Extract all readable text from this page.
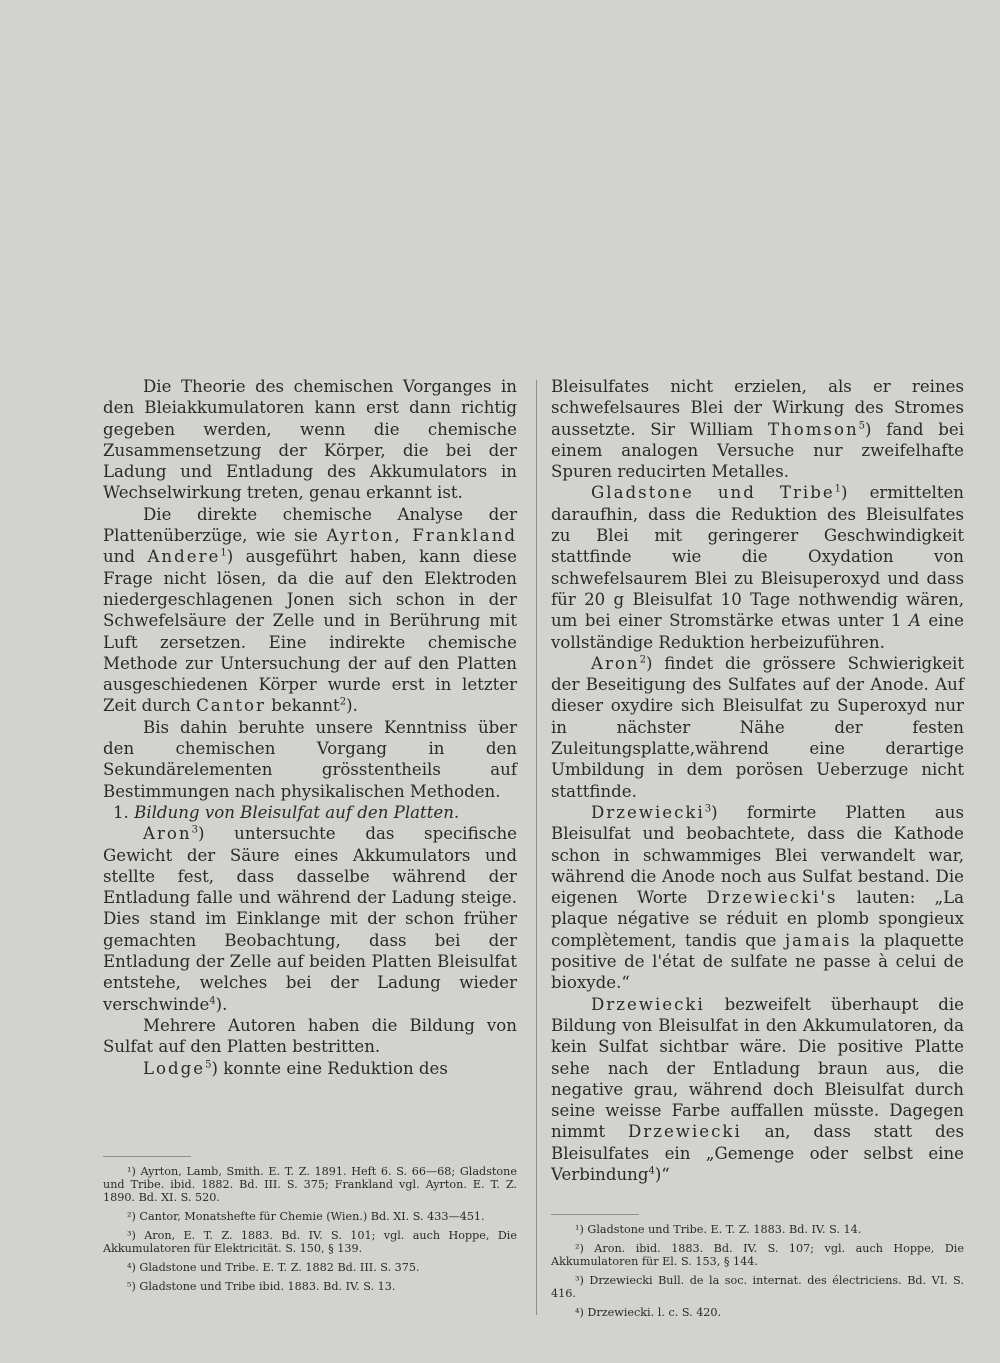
Die Theorie des chemischen Vorganges in den Bleiakkumulatoren kann erst dann richtig gegeben werden, wenn die chemische Zusammensetzung der Körper, die bei der Ladung und Entladung des Akkumulators in Wechselwirkung treten, genau erkannt ist.

Die direkte chemische Analyse der Plattenüberzüge, wie sie Ayrton, Frankland und Andere$^1$) ausgeführt haben, kann diese Frage nicht lösen, da die auf den Elektroden niedergeschlagenen Jonen sich schon in der Schwefelsäure der Zelle und in Berührung mit Luft zersetzen. Eine indirekte chemische Methode zur Untersuchung der auf den Platten ausgeschiedenen Körper wurde erst in letzter Zeit durch Cantor bekannt$^2$).

Bis dahin beruhte unsere Kenntniss über den chemischen Vorgang in den Sekundärelementen grösstentheils auf Bestimmungen nach physikalischen Methoden.

1. Bildung von Bleisulfat auf den Platten.

Aron$^3$) untersuchte das specifische Gewicht der Säure eines Akkumulators und stellte fest, dass dasselbe während der Entladung falle und während der Ladung steige. Dies stand im Einklange mit der schon früher gemachten Beobachtung, dass bei der Entladung der Zelle auf beiden Platten Bleisulfat entstehe, welches bei der Ladung wieder verschwinde$^4$).

Mehrere Autoren haben die Bildung von Sulfat auf den Platten bestritten.

Lodge$^5$) konnte eine Reduktion des

Bleisulfates nicht erzielen, als er reines schwefelsaures Blei der Wirkung des Stromes aussetzte. Sir William Thomson$^5$) fand bei einem analogen Versuche nur zweifelhafte Spuren reducirten Metalles.

Gladstone und Tribe$^1$) ermittelten daraufhin, dass die Reduktion des Bleisulfates zu Blei mit geringerer Geschwindigkeit stattfinde wie die Oxydation von schwefelsaurem Blei zu Bleisuperoxyd und dass für 20 g Bleisulfat 10 Tage nothwendig wären, um bei einer Stromstärke etwas unter 1 A eine vollständige Reduktion herbeizuführen.

Aron$^2$) findet die grössere Schwierigkeit der Beseitigung des Sulfates auf der Anode. Auf dieser oxydire sich Bleisulfat zu Superoxyd nur in nächster Nähe der festen Zuleitungsplatte,während eine derartige Umbildung in dem porösen Ueberzuge nicht stattfinde.

Drzewiecki$^3$) formirte Platten aus Bleisulfat und beobachtete, dass die Kathode schon in schwammiges Blei verwandelt war, während die Anode noch aus Sulfat bestand. Die eigenen Worte Drzewiecki's lauten: „La plaque négative se réduit en plomb spongieux complètement, tandis que jamais la plaquette positive de l'état de sulfate ne passe à celui de bioxyde.“

Drzewiecki bezweifelt überhaupt die Bildung von Bleisulfat in den Akkumulatoren, da kein Sulfat sichtbar wäre. Die positive Platte sehe nach der Entladung braun aus, die negative grau, während doch Bleisulfat durch seine weisse Farbe auffallen müsste. Dagegen nimmt Drzewiecki an, dass statt des Bleisulfates ein „Gemenge oder selbst eine Verbindung$^4$)“

¹) Ayrton, Lamb, Smith. E. T. Z. 1891. Heft 6. S. 66—68; Gladstone und Tribe. ibid. 1882. Bd. III. S. 375; Frankland vgl. Ayrton. E. T. Z. 1890. Bd. XI. S. 520.

²) Cantor, Monatshefte für Chemie (Wien.) Bd. XI. S. 433—451.

³) Aron, E. T. Z. 1883. Bd. IV. S. 101; vgl. auch Hoppe, Die Akkumulatoren für Elektricität. S. 150, § 139.

⁴) Gladstone und Tribe. E. T. Z. 1882 Bd. III. S. 375.

⁵) Gladstone und Tribe ibid. 1883. Bd. IV. S. 13.

¹) Gladstone und Tribe. E. T. Z. 1883. Bd. IV. S. 14.

²) Aron. ibid. 1883. Bd. IV. S. 107; vgl. auch Hoppe, Die Akkumulatoren für El. S. 153, § 144.

³) Drzewiecki Bull. de la soc. internat. des électriciens. Bd. VI. S. 416.

⁴) Drzewiecki. l. c. S. 420.
